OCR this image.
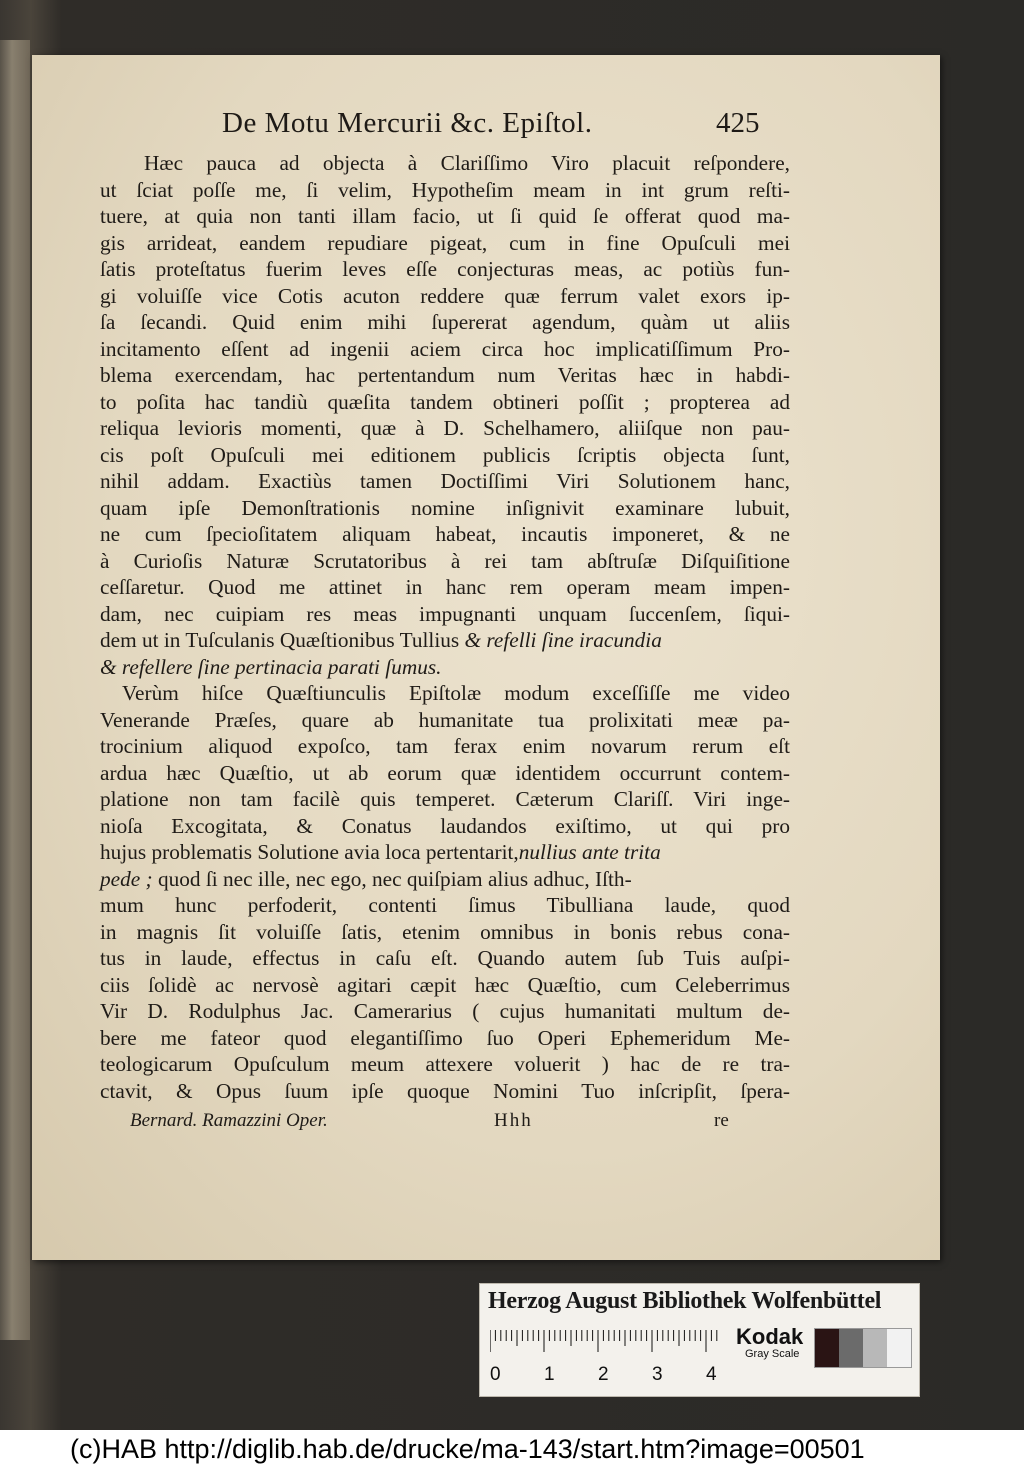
De Motu Mercurii &c. Epiſtol.	425
Hæc pauca ad objecta à Clariſſimo Viro placuit reſpondere,
ut ſciat poſſe me, ſi velim, Hypotheſim meam in int grum reſti-
tuere, at quia non tanti illam facio, ut ſi quid ſe offerat quod ma-
gis arrideat, eandem repudiare pigeat, cum in fine Opuſculi mei
ſatis proteſtatus fuerim leves eſſe conjecturas meas, ac potiùs fun-
gi voluiſſe vice Cotis acuton reddere quæ ferrum valet exors ip-
ſa ſecandi. Quid enim mihi ſupererat agendum, quàm ut aliis
incitamento eſſent ad ingenii aciem circa hoc implicatiſſimum Pro-
blema exercendam, hac pertentandum num Veritas hæc in habdi-
to poſita hac tandiù quæſita tandem obtineri poſſit ; propterea ad
reliqua levioris momenti, quæ à D. Schelhamero, aliiſque non pau-
cis poſt Opuſculi mei editionem publicis ſcriptis objecta ſunt,
nihil addam. Exactiùs tamen Doctiſſimi Viri Solutionem hanc,
quam ipſe Demonſtrationis nomine inſignivit examinare lubuit,
ne cum ſpecioſitatem aliquam habeat, incautis imponeret, & ne
à Curioſis Naturæ Scrutatoribus à rei tam abſtruſæ Diſquiſitione
ceſſaretur. Quod me attinet in hanc rem operam meam impen-
dam, nec cuipiam res meas impugnanti unquam ſuccenſem, ſiqui-
dem ut in Tuſculanis Quæſtionibus Tullius & refelli ſine iracundia
& refellere ſine pertinacia parati ſumus.
Verùm hiſce Quæſtiunculis Epiſtolæ modum exceſſiſſe me video
Venerande Præſes, quare ab humanitate tua prolixitati meæ pa-
trocinium aliquod expoſco, tam ferax enim novarum rerum eſt
ardua hæc Quæſtio, ut ab eorum quæ identidem occurrunt contem-
platione non tam facilè quis temperet. Cæterum Clariſſ. Viri inge-
nioſa Excogitata, & Conatus laudandos exiſtimo, ut qui pro
hujus problematis Solutione avia loca pertentarit,nullius ante trita
pede ; quod ſi nec ille, nec ego, nec quiſpiam alius adhuc, Iſth-
mum hunc perfoderit, contenti ſimus Tibulliana laude, quod
in magnis ſit voluiſſe ſatis, etenim omnibus in bonis rebus cona-
tus in laude, effectus in caſu eſt. Quando autem ſub Tuis auſpi-
ciis ſolidè ac nervosè agitari cæpit hæc Quæſtio, cum Celeberrimus
Vir D. Rodulphus Jac. Camerarius ( cujus humanitati multum de-
bere me fateor quod elegantiſſimo ſuo Operi Ephemeridum Me-
teologicarum Opuſculum meum attexere voluerit ) hac de re tra-
ctavit, & Opus ſuum ipſe quoque Nomini Tuo inſcripſit, ſpera-
Bernard. Ramazzini Oper.	Hhh	re
Herzog August Bibliothek Wolfenbüttel
0 1 2 3 4
Kodak
Gray Scale
(c)HAB http://diglib.hab.de/drucke/ma-143/start.htm?image=00501
